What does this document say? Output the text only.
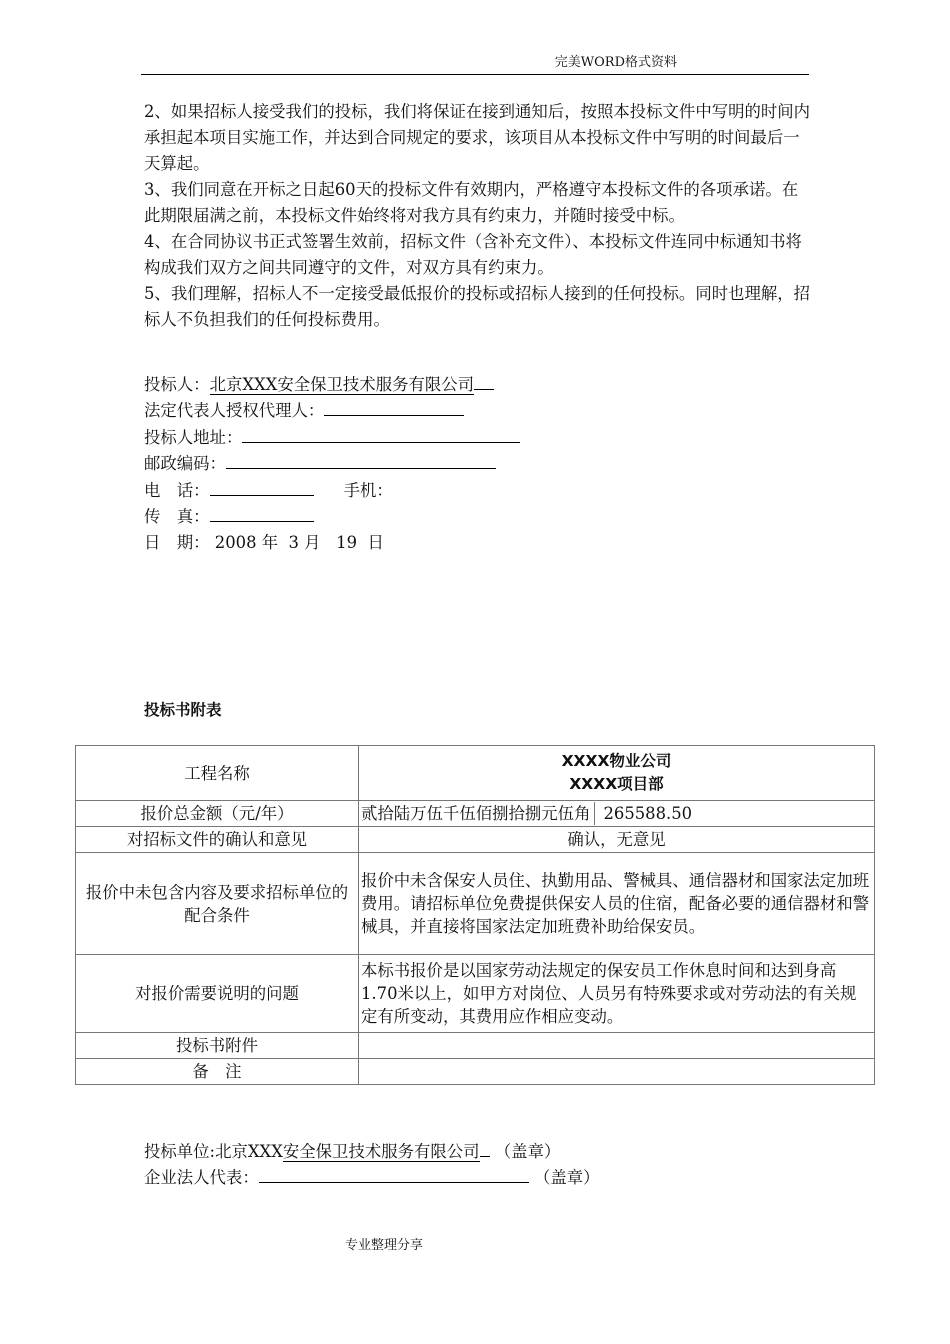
完美WORD格式资料

2、如果招标人接受我们的投标，我们将保证在接到通知后，按照本投标文件中写明的时间内承担起本项目实施工作，并达到合同规定的要求，该项目从本投标文件中写明的时间最后一天算起。

3、我们同意在开标之日起60天的投标文件有效期内，严格遵守本投标文件的各项承诺。在此期限届满之前，本投标文件始终将对我方具有约束力，并随时接受中标。

4、在合同协议书正式签署生效前，招标文件（含补充文件）、本投标文件连同中标通知书将构成我们双方之间共同遵守的文件，对双方具有约束力。

5、我们理解，招标人不一定接受最低报价的投标或招标人接到的任何投标。同时也理解，招标人不负担我们的任何投标费用。

投标人：北京XXX安全保卫技术服务有限公司
法定代表人授权代理人：
投标人地址：
邮政编码：
电　话：	手机：
传　真：
日　期： 2008 年  3 月   19  日
投标书附表
工程名称	XXXX物业公司
XXXX项目部

报价总金额（元/年）	贰拾陆万伍千伍佰捌拾捌元伍角 265588.50

对招标文件的确认和意见	确认，无意见
报价中未包含内容及要求招标单位的配合条件	报价中未含保安人员住、执勤用品、警械具、通信器材和国家法定加班费用。请招标单位免费提供保安人员的住宿，配备必要的通信器材和警械具，并直接将国家法定加班费补助给保安员。
对报价需要说明的问题	本标书报价是以国家劳动法规定的保安员工作休息时间和达到身高1.70米以上，如甲方对岗位、人员另有特殊要求或对劳动法的有关规定有所变动，其费用应作相应变动。
投标书附件	
备　注	
投标单位:北京XXX安全保卫技术服务有限公司 （盖章）
企业法人代表：	（盖章）
专业整理分享
